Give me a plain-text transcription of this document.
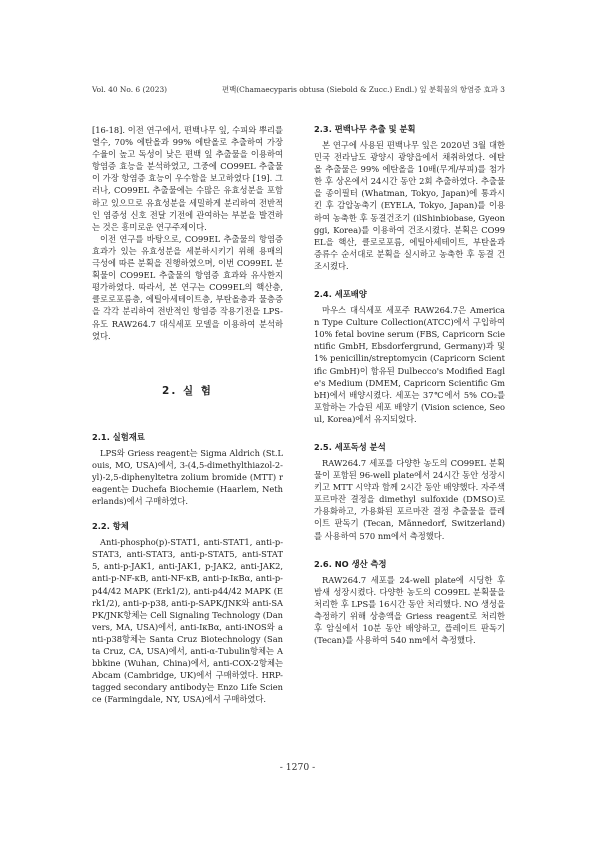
Vol. 40 No. 6 (2023)	편백(Chamaecyparis obtusa (Siebold & Zucc.) Endl.) 잎 분획물의 항염증 효과 3

[16-18]. 이전 연구에서, 편백나무 잎, 수피와 뿌리를 열수, 70% 에탄올과 99% 에탄올로 추출하여 가장 수율이 높고 독성이 낮은 편백 잎 추출물을 이용하여 항염증 효능을 분석하였고, 그중에 CO99EL 추출물이 가장 항염증 효능이 우수함을 보고하였다 [19]. 그러나, CO99EL 추출물에는 수많은 유효성분을 포함하고 있으므로 유효성분을 세밀하게 분리하여 전반적인 염증성 신호 전달 기전에 관여하는 부분을 발견하는 것은 흥미로운 연구주제이다.

이전 연구를 바탕으로, CO99EL 추출물의 항염증 효과가 있는 유효성분을 세분하시키기 위해 용매의 극성에 따른 분획을 진행하였으며, 이번 CO99EL 분획물이 CO99EL 추출물의 항염증 효과와 유사한지 평가하였다. 따라서, 본 연구는 CO99EL의 핵산층, 클로로포름층, 에틸아세테이트층, 부탄올층과 물층증을 각각 분리하여 전반적인 항염증 작용기전을 LPS-유도 RAW264.7 대식세포 모델을 이용하여 분석하였다.

2. 실 험
2.1. 실험재료

LPS와 Griess reagent는 Sigma Aldrich (St.Louis, MO, USA)에서, 3-(4,5-dimethylthiazol-2-yl)-2,5-diphenyltetra zolium bromide (MTT) reagent는 Duchefa Biochemie (Haarlem, Netherlands)에서 구매하였다.

2.2. 항체

Anti-phospho(p)-STAT1, anti-STAT1, anti-p-STAT3, anti-STAT3, anti-p-STAT5, anti-STAT5, anti-p-JAK1, anti-JAK1, p-JAK2, anti-JAK2, anti-p-NF-κB, anti-NF-κB, anti-p-IκBα, anti-p-p44/42 MAPK (Erk1/2), anti-p44/42 MAPK (Erk1/2), anti-p-p38, anti-p-SAPK/JNK와 anti-SAPK/JNK항체는 Cell Signaling Technology (Danvers, MA, USA)에서, anti-IκBα, anti-iNOS와 anti-p38항체는 Santa Cruz Biotechnology (Santa Cruz, CA, USA)에서, anti-α-Tubulin항체는 Abbkine (Wuhan, China)에서, anti-COX-2항체는 Abcam (Cambridge, UK)에서 구매하였다. HRP-tagged secondary antibody는 Enzo Life Science (Farmingdale, NY, USA)에서 구매하였다.

2.3. 편백나무 추출 및 분획

본 연구에 사용된 편백나무 잎은 2020년 3월 대한민국 전라남도 광양시 광양읍에서 채취하였다. 에탄올 추출물은 99% 에탄올을 10배(무게/부피)를 첨가한 후 상온에서 24시간 동안 2회 추출하였다. 추출물을 종이필터 (Whatman, Tokyo, Japan)에 통과시킨 후 감압농축기 (EYELA, Tokyo, Japan)를 이용하여 농축한 후 동결건조기 (ilShinbiobase, Gyeonggi, Korea)를 이용하여 건조시켰다. 분획은 CO99EL을 핵산, 클로로포름, 에틸아세테이트, 부탄올과 증류수 순서대로 분획을 실시하고 농축한 후 동결 건조시켰다.

2.4. 세포배양

마우스 대식세포 세포주 RAW264.7은 American Type Culture Collection(ATCC)에서 구입하여 10% fetal bovine serum (FBS, Capricorn Scientific GmbH, Ebsdorfergrund, Germany)과 및 1% penicillin/streptomycin (Capricorn Scientific GmbH)이 함유된 Dulbecco's Modified Eagle's Medium (DMEM, Capricorn Scientific GmbH)에서 배양시켰다. 세포는 37℃에서 5% CO₂를 포함하는 가습된 세포 배양기 (Vision science, Seoul, Korea)에서 유지되었다.

2.5. 세포독성 분석

RAW264.7 세포를 다양한 농도의 CO99EL 분획물이 포함된 96-well plate에서 24시간 동안 성장시키고 MTT 시약과 함께 2시간 동안 배양했다. 자주색 포르마잔 결정을 dimethyl sulfoxide (DMSO)로 가용화하고, 가용화된 포르마잔 결정 추출물을 플레이트 판독기 (Tecan, Männedorf, Switzerland)를 사용하여 570 nm에서 측정했다.

2.6. NO 생산 측정

RAW264.7 세포를 24-well plate에 시딩한 후 밤새 성장시켰다. 다양한 농도의 CO99EL 분획물을 처리한 후 LPS를 16시간 동안 처리했다. NO 생성을 측정하기 위해 상층액을 Griess reagent로 처리한 후 암실에서 10분 동안 배양하고, 플레이트 판독기 (Tecan)를 사용하여 540 nm에서 측정했다.

- 1270 -
